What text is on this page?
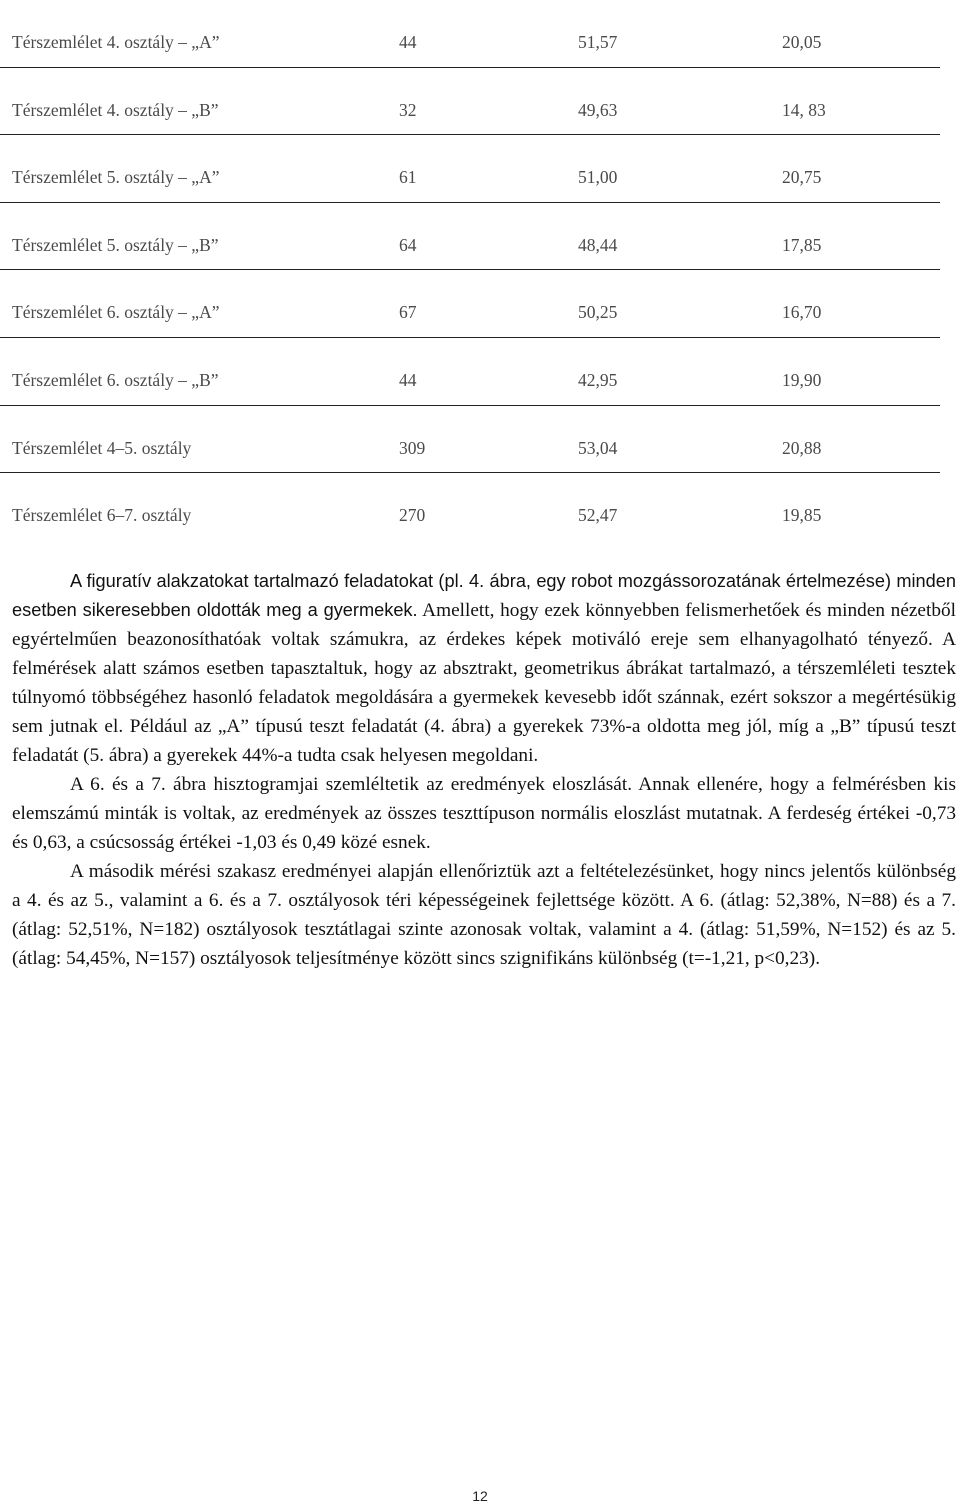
Térszemlélet 4. osztály – „A”	44	51,57	20,05
Térszemlélet 4. osztály – „B”	32	49,63	14, 83
Térszemlélet 5. osztály – „A”	61	51,00	20,75
Térszemlélet 5. osztály – „B”	64	48,44	17,85
Térszemlélet 6. osztály – „A”	67	50,25	16,70
Térszemlélet 6. osztály – „B”	44	42,95	19,90
Térszemlélet 4–5. osztály	309	53,04	20,88
Térszemlélet 6–7. osztály	270	52,47	19,85

A figuratív alakzatokat tartalmazó feladatokat (pl. 4. ábra, egy robot mozgássorozatának értelmezése) minden esetben sikeresebben oldották meg a gyermekek. Amellett, hogy ezek könnyebben felismerhetőek és minden nézetből egyértelműen beazonosíthatóak voltak számukra, az érdekes képek motiváló ereje sem elhanyagolható tényező. A felmérések alatt számos esetben tapasztaltuk, hogy az absztrakt, geometrikus ábrákat tartalmazó, a térszemléleti tesztek túlnyomó többségéhez hasonló feladatok megoldására a gyermekek kevesebb időt szánnak, ezért sokszor a megértésükig sem jutnak el. Például az „A” típusú teszt feladatát (4. ábra) a gyerekek 73%-a oldotta meg jól, míg a „B” típusú teszt feladatát (5. ábra) a gyerekek 44%-a tudta csak helyesen megoldani.

A 6. és a 7. ábra hisztogramjai szemléltetik az eredmények eloszlását. Annak ellenére, hogy a felmérésben kis elemszámú minták is voltak, az eredmények az összes teszttípuson normális eloszlást mutatnak. A ferdeség értékei -0,73 és 0,63, a csúcsosság értékei -1,03 és 0,49 közé esnek.

A második mérési szakasz eredményei alapján ellenőriztük azt a feltételezésünket, hogy nincs jelentős különbség a 4. és az 5., valamint a 6. és a 7. osztályosok téri képességeinek fejlettsége között. A 6. (átlag: 52,38%, N=88) és a 7. (átlag: 52,51%, N=182) osztályosok tesztátlagai szinte azonosak voltak, valamint a 4. (átlag: 51,59%, N=152) és az 5. (átlag: 54,45%, N=157) osztályosok teljesítménye között sincs szignifikáns különbség (t=-1,21, p<0,23).

12
